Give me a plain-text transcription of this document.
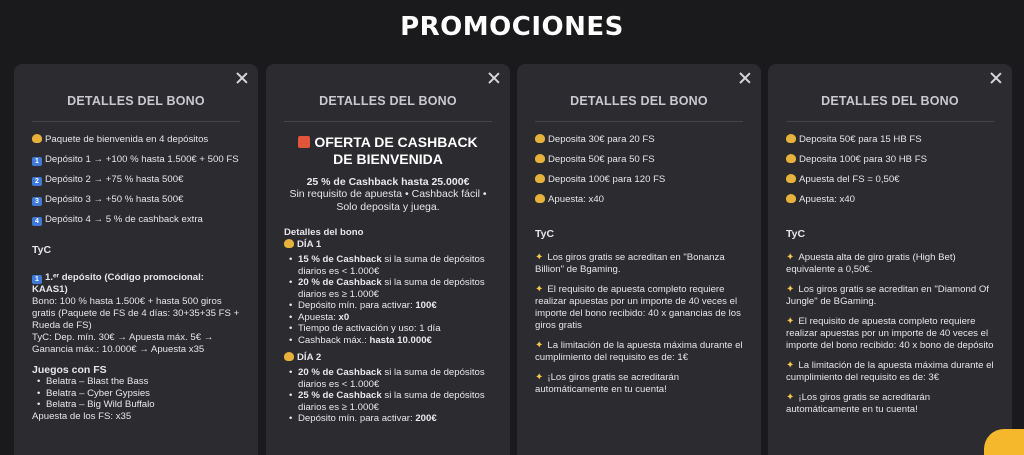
PROMOCIONES
DETALLES DEL BONO
Paquete de bienvenida en 4 depósitos
1 Depósito 1 → +100 % hasta 1.500€ + 500 FS
2 Depósito 2 → +75 % hasta 500€
3 Depósito 3 → +50 % hasta 500€
4 Depósito 4 → 5 % de cashback extra
TyC
1 1.ᵉʳ depósito (Código promocional: KAAS1)
Bono: 100 % hasta 1.500€ + hasta 500 giros gratis (Paquete de FS de 4 días: 30+35+35 FS + Rueda de FS)
TyC: Dep. mín. 30€ → Apuesta máx. 5€ → Ganancia máx.: 10.000€ → Apuesta x35
Juegos con FS
• Belatra – Blast the Bass
• Belatra – Cyber Gypsies
• Belatra – Big Wild Buffalo
Apuesta de los FS: x35
DETALLES DEL BONO
OFERTA DE CASHBACK DE BIENVENIDA
25 % de Cashback hasta 25.000€
Sin requisito de apuesta • Cashback fácil • Solo deposita y juega.
Detalles del bono
DÍA 1
• 15 % de Cashback si la suma de depósitos diarios es < 1.000€
• 20 % de Cashback si la suma de depósitos diarios es ≥ 1.000€
• Depósito mín. para activar: 100€
• Apuesta: x0
• Tiempo de activación y uso: 1 día
• Cashback máx.: hasta 10.000€
DÍA 2
• 20 % de Cashback si la suma de depósitos diarios es < 1.000€
• 25 % de Cashback si la suma de depósitos diarios es ≥ 1.000€
• Depósito mín. para activar: 200€
DETALLES DEL BONO
Deposita 30€ para 20 FS
Deposita 50€ para 50 FS
Deposita 100€ para 120 FS
Apuesta: x40
TyC
✦ Los giros gratis se acreditan en "Bonanza Billion" de Bgaming.
✦ El requisito de apuesta completo requiere realizar apuestas por un importe de 40 veces el importe del bono recibido: 40 x ganancias de los giros gratis
✦ La limitación de la apuesta máxima durante el cumplimiento del requisito es de: 1€
✦ ¡Los giros gratis se acreditarán automáticamente en tu cuenta!
DETALLES DEL BONO
Deposita 50€ para 15 HB FS
Deposita 100€ para 30 HB FS
Apuesta del FS = 0,50€
Apuesta: x40
TyC
✦ Apuesta alta de giro gratis (High Bet) equivalente a 0,50€.
✦ Los giros gratis se acreditan en "Diamond Of Jungle" de BGaming.
✦ El requisito de apuesta completo requiere realizar apuestas por un importe de 40 veces el importe del bono recibido: 40 x bono de depósito
✦ La limitación de la apuesta máxima durante el cumplimiento del requisito es de: 3€
✦ ¡Los giros gratis se acreditarán automáticamente en tu cuenta!
